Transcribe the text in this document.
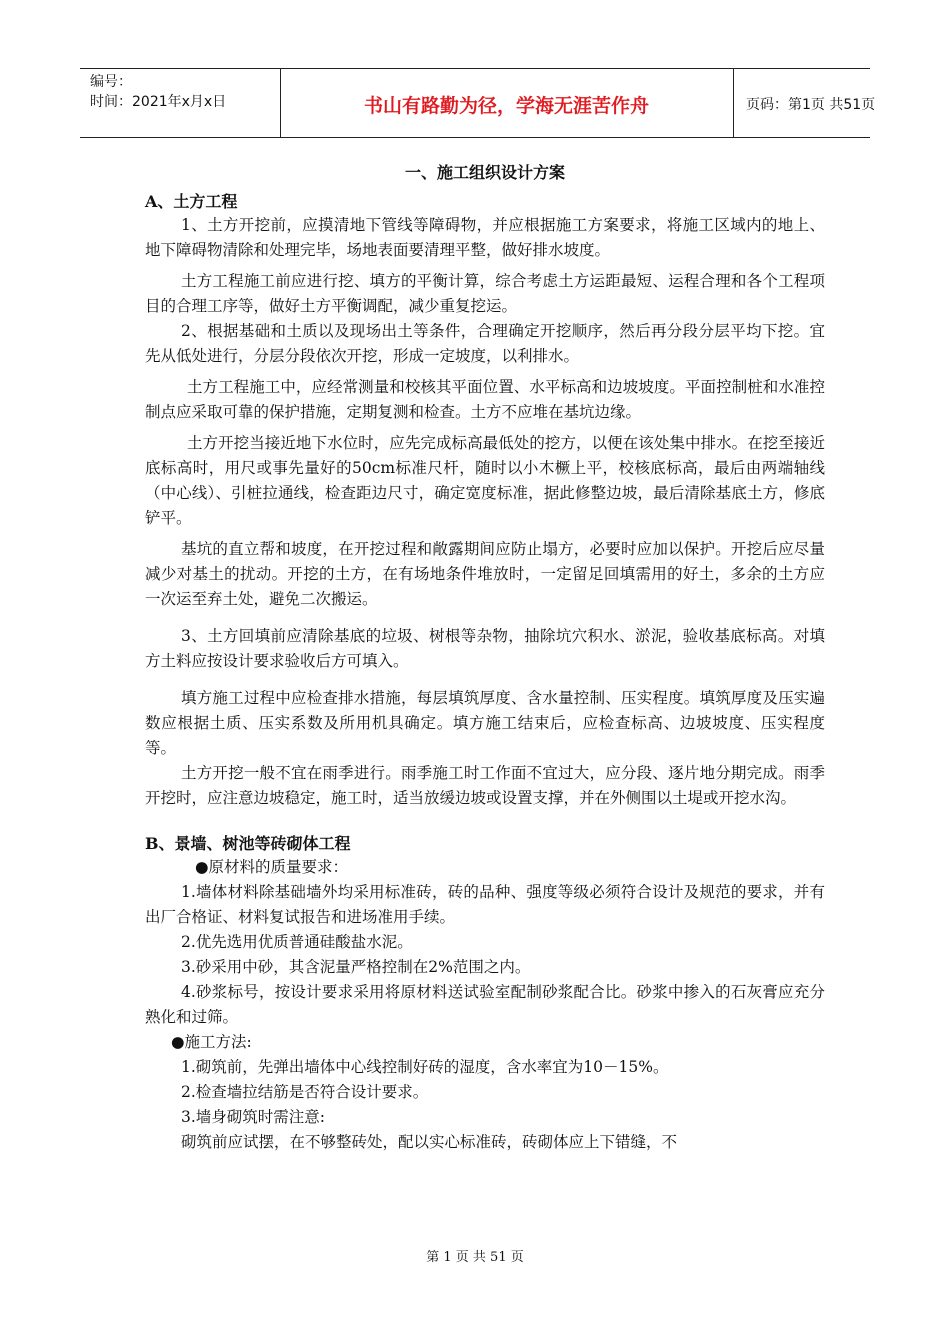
编号：
时间：2021年x月x日	书山有路勤为径，学海无涯苦作舟	页码：第1页 共51页
一、施工组织设计方案
A、土方工程

1、土方开挖前，应摸清地下管线等障碍物，并应根据施工方案要求，将施工区域内的地上、地下障碍物清除和处理完毕，场地表面要清理平整，做好排水坡度。

土方工程施工前应进行挖、填方的平衡计算，综合考虑土方运距最短、运程合理和各个工程项目的合理工序等，做好土方平衡调配，减少重复挖运。

2、根据基础和土质以及现场出土等条件，合理确定开挖顺序，然后再分段分层平均下挖。宜先从低处进行，分层分段依次开挖，形成一定坡度，以利排水。

土方工程施工中，应经常测量和校核其平面位置、水平标高和边坡坡度。平面控制桩和水准控制点应采取可靠的保护措施，定期复测和检查。土方不应堆在基坑边缘。

土方开挖当接近地下水位时，应先完成标高最低处的挖方，以便在该处集中排水。在挖至接近底标高时，用尺或事先量好的50cm标准尺杆，随时以小木橛上平，校核底标高，最后由两端轴线（中心线）、引桩拉通线，检查距边尺寸，确定宽度标准，据此修整边坡，最后清除基底土方，修底铲平。

基坑的直立帮和坡度，在开挖过程和敞露期间应防止塌方，必要时应加以保护。开挖后应尽量减少对基土的扰动。开挖的土方，在有场地条件堆放时，一定留足回填需用的好土，多余的土方应一次运至弃土处，避免二次搬运。

3、土方回填前应清除基底的垃圾、树根等杂物，抽除坑穴积水、淤泥，验收基底标高。对填方土料应按设计要求验收后方可填入。

填方施工过程中应检查排水措施，每层填筑厚度、含水量控制、压实程度。填筑厚度及压实遍数应根据土质、压实系数及所用机具确定。填方施工结束后，应检查标高、边坡坡度、压实程度等。

土方开挖一般不宜在雨季进行。雨季施工时工作面不宜过大，应分段、逐片地分期完成。雨季开挖时，应注意边坡稳定，施工时，适当放缓边坡或设置支撑，并在外侧围以土堤或开挖水沟。

B、景墙、树池等砖砌体工程

●原材料的质量要求：

1.墙体材料除基础墙外均采用标准砖，砖的品种、强度等级必须符合设计及规范的要求，并有出厂合格证、材料复试报告和进场准用手续。

2.优先选用优质普通硅酸盐水泥。

3.砂采用中砂，其含泥量严格控制在2%范围之内。

4.砂浆标号，按设计要求采用将原材料送试验室配制砂浆配合比。砂浆中掺入的石灰膏应充分熟化和过筛。

●施工方法:

1.砌筑前，先弹出墙体中心线控制好砖的湿度，含水率宜为10－15%。

2.检查墙拉结筋是否符合设计要求。

3.墙身砌筑时需注意:

砌筑前应试摆，在不够整砖处，配以实心标准砖，砖砌体应上下错缝，不

第 1 页 共 51 页
